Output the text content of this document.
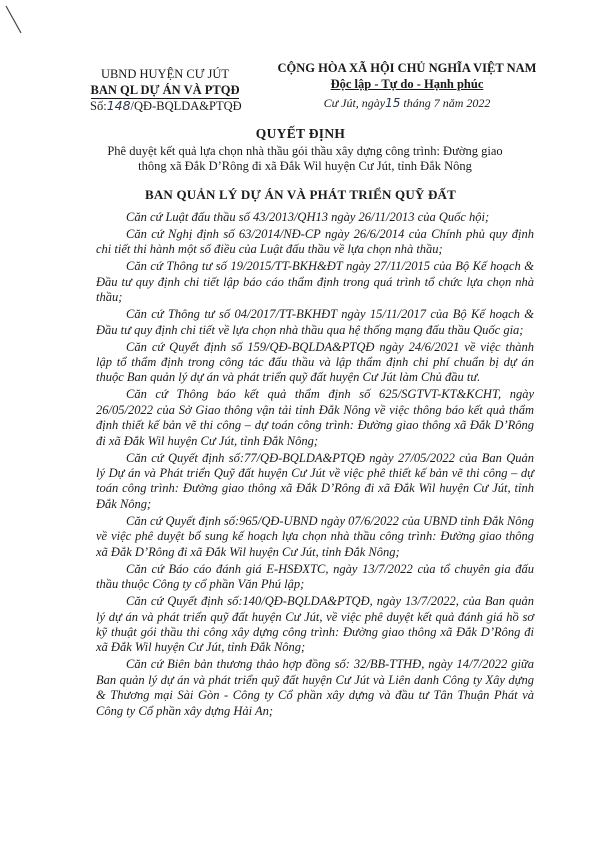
UBND HUYỆN CƯ JÚT
BAN QL DỰ ÁN VÀ PTQĐ
Số:148/QĐ-BQLDA&PTQĐ
CỘNG HÒA XÃ HỘI CHỦ NGHĨA VIỆT NAM
Độc lập - Tự do - Hạnh phúc
Cư Jút, ngày15 tháng 7 năm 2022
QUYẾT ĐỊNH
Phê duyệt kết quả lựa chọn nhà thầu gói thầu xây dựng công trình: Đường giao thông xã Đắk D’Rông đi xã Đắk Wil huyện Cư Jút, tỉnh Đắk Nông
BAN QUẢN LÝ DỰ ÁN VÀ PHÁT TRIỂN QUỸ ĐẤT

Căn cứ Luật đấu thầu số 43/2013/QH13 ngày 26/11/2013 của Quốc hội;

Căn cứ Nghị định số 63/2014/NĐ-CP ngày 26/6/2014 của Chính phủ quy định chi tiết thi hành một số điều của Luật đấu thầu về lựa chọn nhà thầu;

Căn cứ Thông tư số 19/2015/TT-BKH&ĐT ngày 27/11/2015 của Bộ Kế hoạch & Đầu tư quy định chi tiết lập báo cáo thẩm định trong quá trình tổ chức lựa chọn nhà thầu;

Căn cứ Thông tư số 04/2017/TT-BKHĐT ngày 15/11/2017 của Bộ Kế hoạch & Đầu tư quy định chi tiết về lựa chọn nhà thầu qua hệ thống mạng đấu thầu Quốc gia;

Căn cứ Quyết định số 159/QĐ-BQLDA&PTQĐ ngày 24/6/2021 về việc thành lập tổ thẩm định trong công tác đấu thầu và lập thẩm định chi phí chuẩn bị dự án thuộc Ban quản lý dự án và phát triển quỹ đất huyện Cư Jút làm Chủ đầu tư.

Căn cứ Thông báo kết quả thẩm định số 625/SGTVT-KT&KCHT, ngày 26/05/2022 của Sở Giao thông vận tải tỉnh Đắk Nông về việc thông báo kết quả thẩm định thiết kế bản vẽ thi công – dự toán công trình: Đường giao thông xã Đắk D’Rông đi xã Đắk Wil huyện Cư Jút, tỉnh Đắk Nông;

Căn cứ Quyết định số:77/QĐ-BQLDA&PTQĐ ngày 27/05/2022 của Ban Quản lý Dự án và Phát triển Quỹ đất huyện Cư Jút về việc phê thiết kế bản vẽ thi công – dự toán công trình: Đường giao thông xã Đắk D’Rông đi xã Đắk Wil huyện Cư Jút, tỉnh Đắk Nông;

Căn cứ Quyết định số:965/QĐ-UBND ngày 07/6/2022 của UBND tỉnh Đắk Nông về việc phê duyệt bổ sung kế hoạch lựa chọn nhà thầu công trình: Đường giao thông xã Đắk D’Rông đi xã Đắk Wil huyện Cư Jút, tỉnh Đắk Nông;

Căn cứ Báo cáo đánh giá E-HSĐXTC, ngày 13/7/2022 của tổ chuyên gia đấu thầu thuộc Công ty cổ phần Văn Phú lập;

Căn cứ Quyết định số:140/QĐ-BQLDA&PTQĐ, ngày 13/7/2022, của Ban quản lý dự án và phát triển quỹ đất huyện Cư Jút, về việc phê duyệt kết quả đánh giá hồ sơ kỹ thuật gói thầu thi công xây dựng công trình: Đường giao thông xã Đắk D’Rông đi xã Đắk Wil huyện Cư Jút, tỉnh Đắk Nông;

Căn cứ Biên bản thương thảo hợp đồng số: 32/BB-TTHĐ, ngày 14/7/2022 giữa Ban quản lý dự án và phát triển quỹ đất huyện Cư Jút và Liên danh Công ty Xây dựng & Thương mại Sài Gòn - Công ty Cổ phần xây dựng và đầu tư Tân Thuận Phát và Công ty Cổ phần xây dựng Hải An;
